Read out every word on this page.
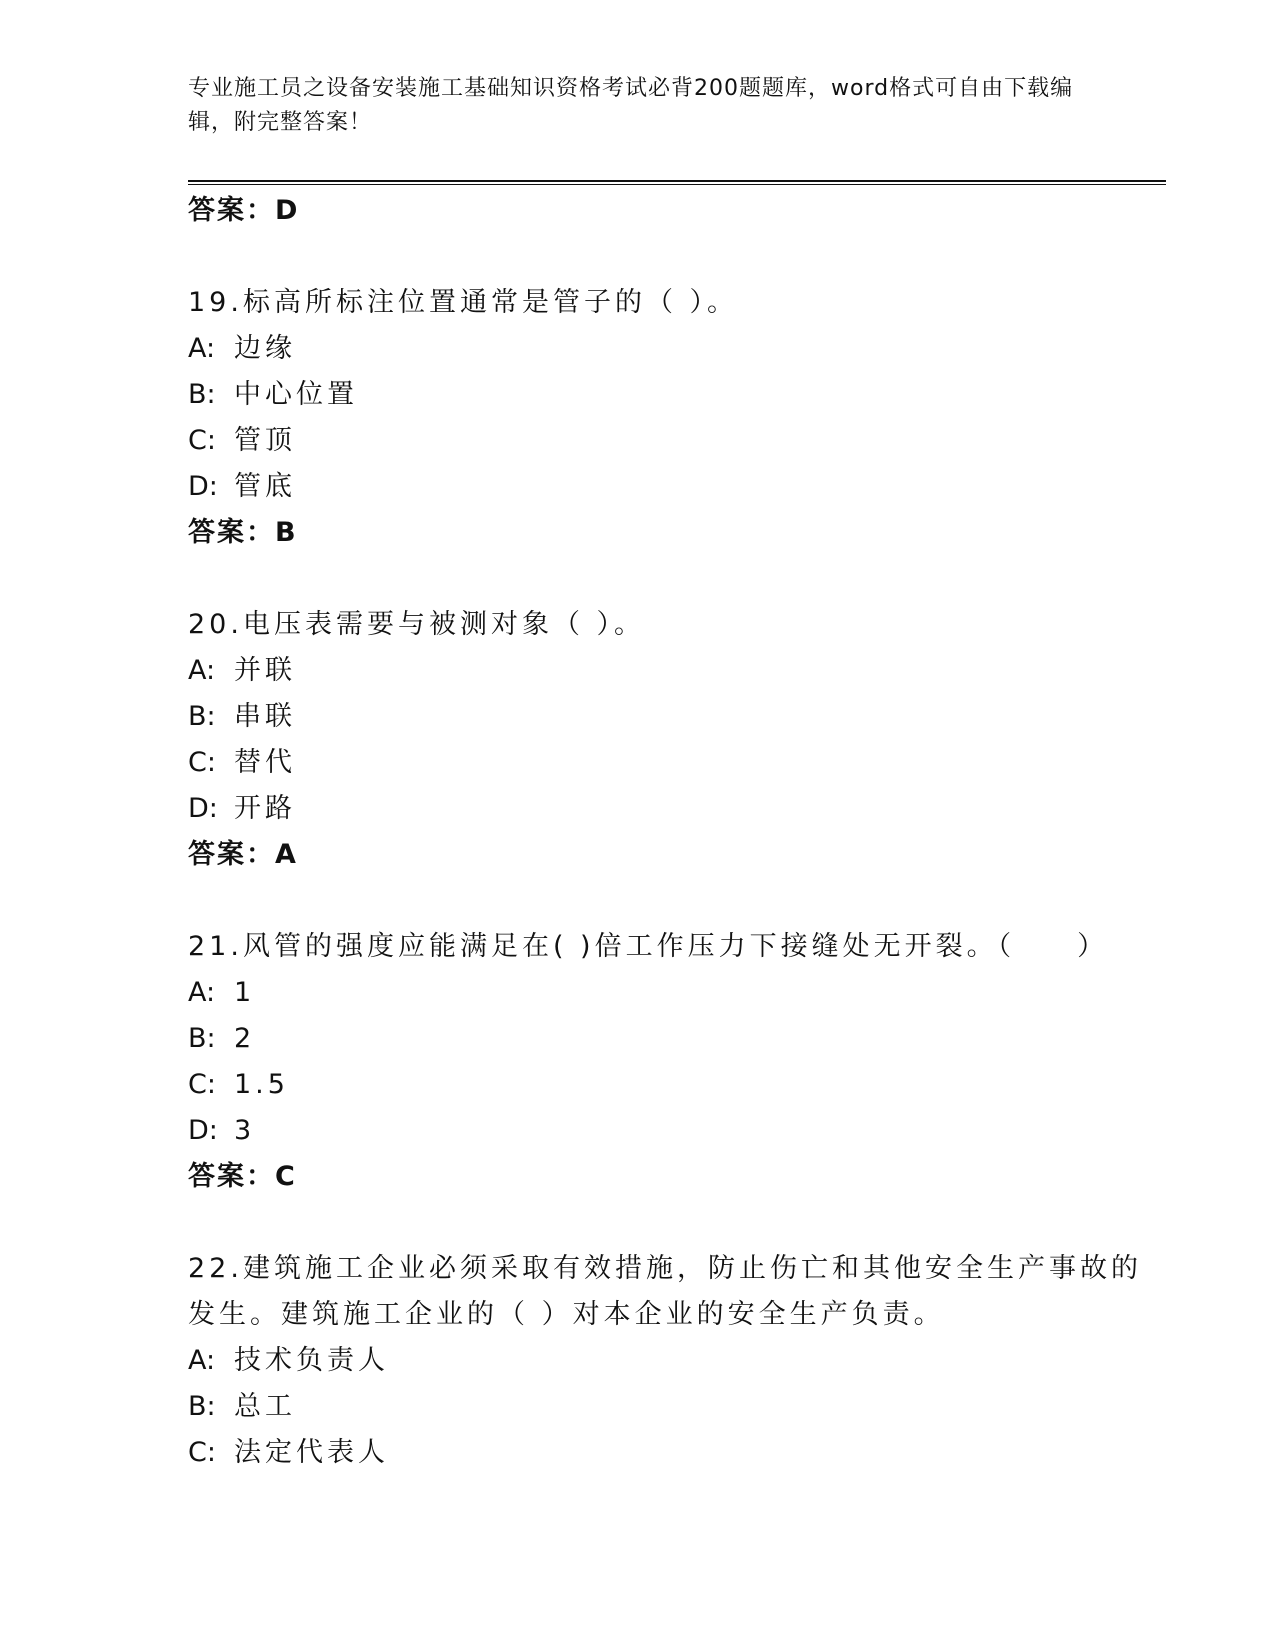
专业施工员之设备安装施工基础知识资格考试必背200题题库，word格式可自由下载编辑，附完整答案！
答案：D
19.标高所标注位置通常是管子的（ ）。
A: 边缘
B: 中心位置
C: 管顶
D: 管底
答案：B
20.电压表需要与被测对象（ ）。
A: 并联
B: 串联
C: 替代
D: 开路
答案：A
21.风管的强度应能满足在( )倍工作压力下接缝处无开裂。（　　）
A: 1
B: 2
C: 1.5
D: 3
答案：C
22.建筑施工企业必须采取有效措施，防止伤亡和其他安全生产事故的
发生。建筑施工企业的（ ）对本企业的安全生产负责。
A: 技术负责人
B: 总工
C: 法定代表人
